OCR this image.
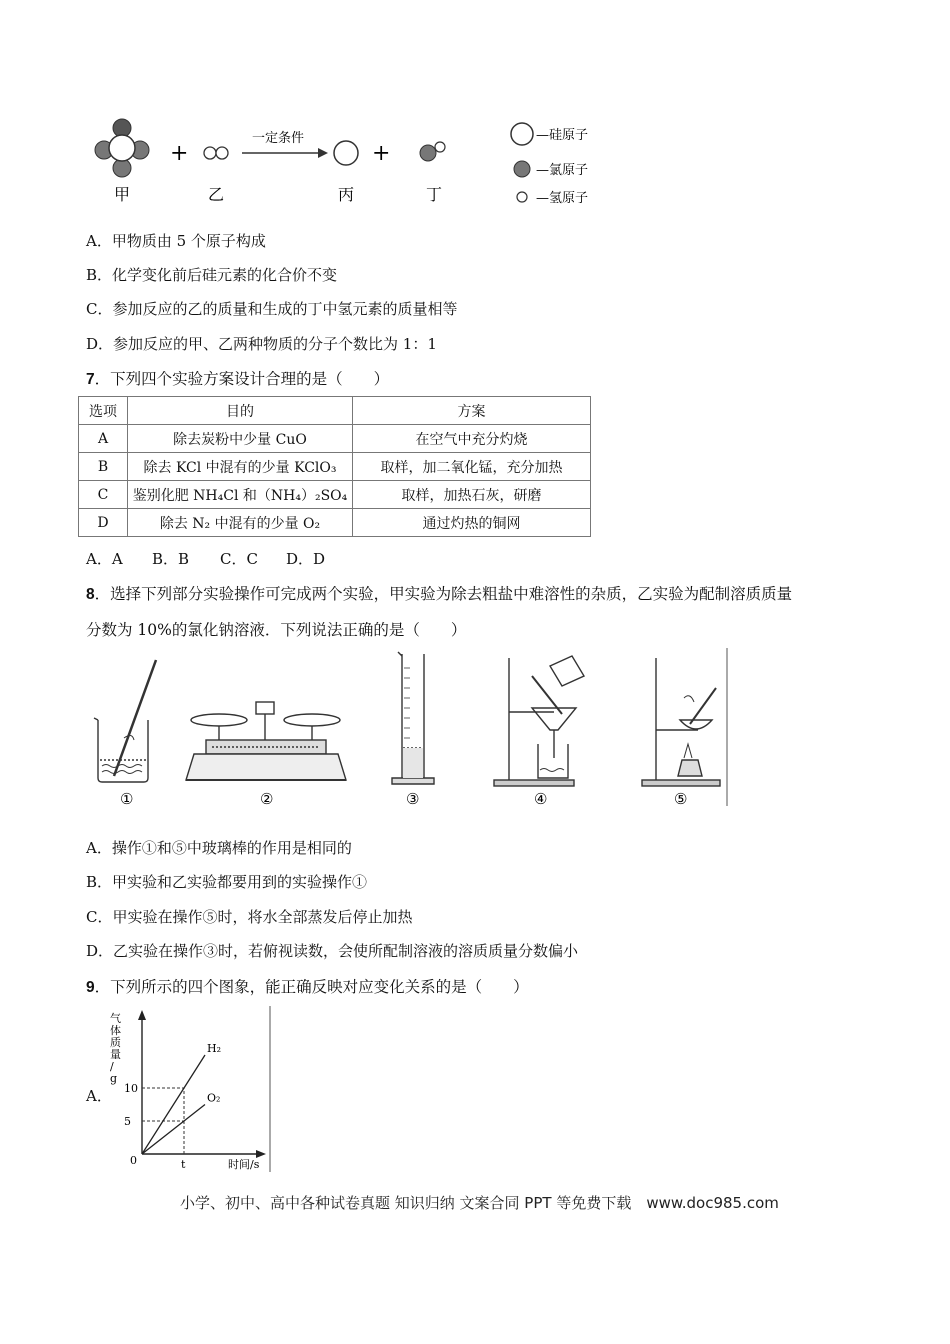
+
一定条件
+
甲	乙	丙	丁
—硅原子
—氯原子
—氢原子
A．甲物质由 5 个原子构成
B．化学变化前后硅元素的化合价不变
C．参加反应的乙的质量和生成的丁中氢元素的质量相等
D．参加反应的甲、乙两种物质的分子个数比为 1：1
7．下列四个实验方案设计合理的是（　　）
选项	目的	方案
A	除去炭粉中少量 CuO	在空气中充分灼烧
B	除去 KCl 中混有的少量 KClO₃	取样，加二氧化锰，充分加热
C	鉴别化肥 NH₄Cl 和（NH₄）₂SO₄	取样，加热石灰，研磨
D	除去 N₂ 中混有的少量 O₂	通过灼热的铜网
A．A B．B C．C D．D
8．选择下列部分实验操作可完成两个实验，甲实验为除去粗盐中难溶性的杂质，乙实验为配制溶质质量
分数为 10%的氯化钠溶液．下列说法正确的是（　　）
①	②	③	④	⑤
A．操作①和⑤中玻璃棒的作用是相同的
B．甲实验和乙实验都要用到的实验操作①
C．甲实验在操作⑤时，将水全部蒸发后停止加热
D．乙实验在操作③时，若俯视读数，会使所配制溶液的溶质质量分数偏小
9．下列所示的四个图象，能正确反映对应变化关系的是（　　）
A．
气
体
质
量
/
g
时间/s
0
5
10
t
H₂
O₂
小学、初中、高中各种试卷真题 知识归纳 文案合同 PPT 等免费下载　www.doc985.com
